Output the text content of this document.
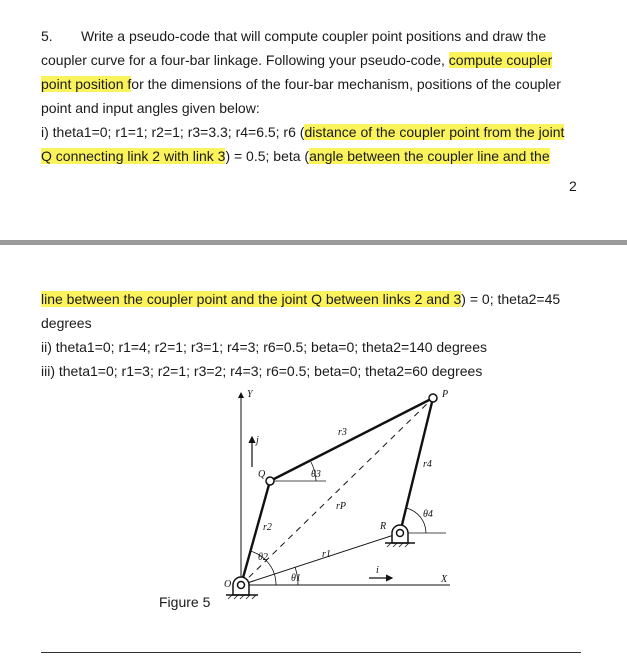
5. Write a pseudo-code that will compute coupler point positions and draw the
coupler curve for a four-bar linkage. Following your pseudo-code, compute coupler
point position for the dimensions of the four-bar mechanism, positions of the coupler
point and input angles given below:
i) theta1=0; r1=1; r2=1; r3=3.3; r4=6.5; r6 (distance of the coupler point from the joint
Q connecting link 2 with link 3) = 0.5; beta (angle between the coupler line and the
2
line between the coupler point and the joint Q between links 2 and 3) = 0; theta2=45
degrees
ii) theta1=0; r1=4; r2=1; r3=1; r4=3; r6=0.5; beta=0; theta2=140 degrees
iii) theta1=0; r1=3; r2=1; r3=2; r4=3; r6=0.5; beta=0; theta2=60 degrees
Y
j
Q
r3
θ3
rP
P
r4
θ4
R
r2
θ2	r1
O
θ1
i
X
Figure 5
